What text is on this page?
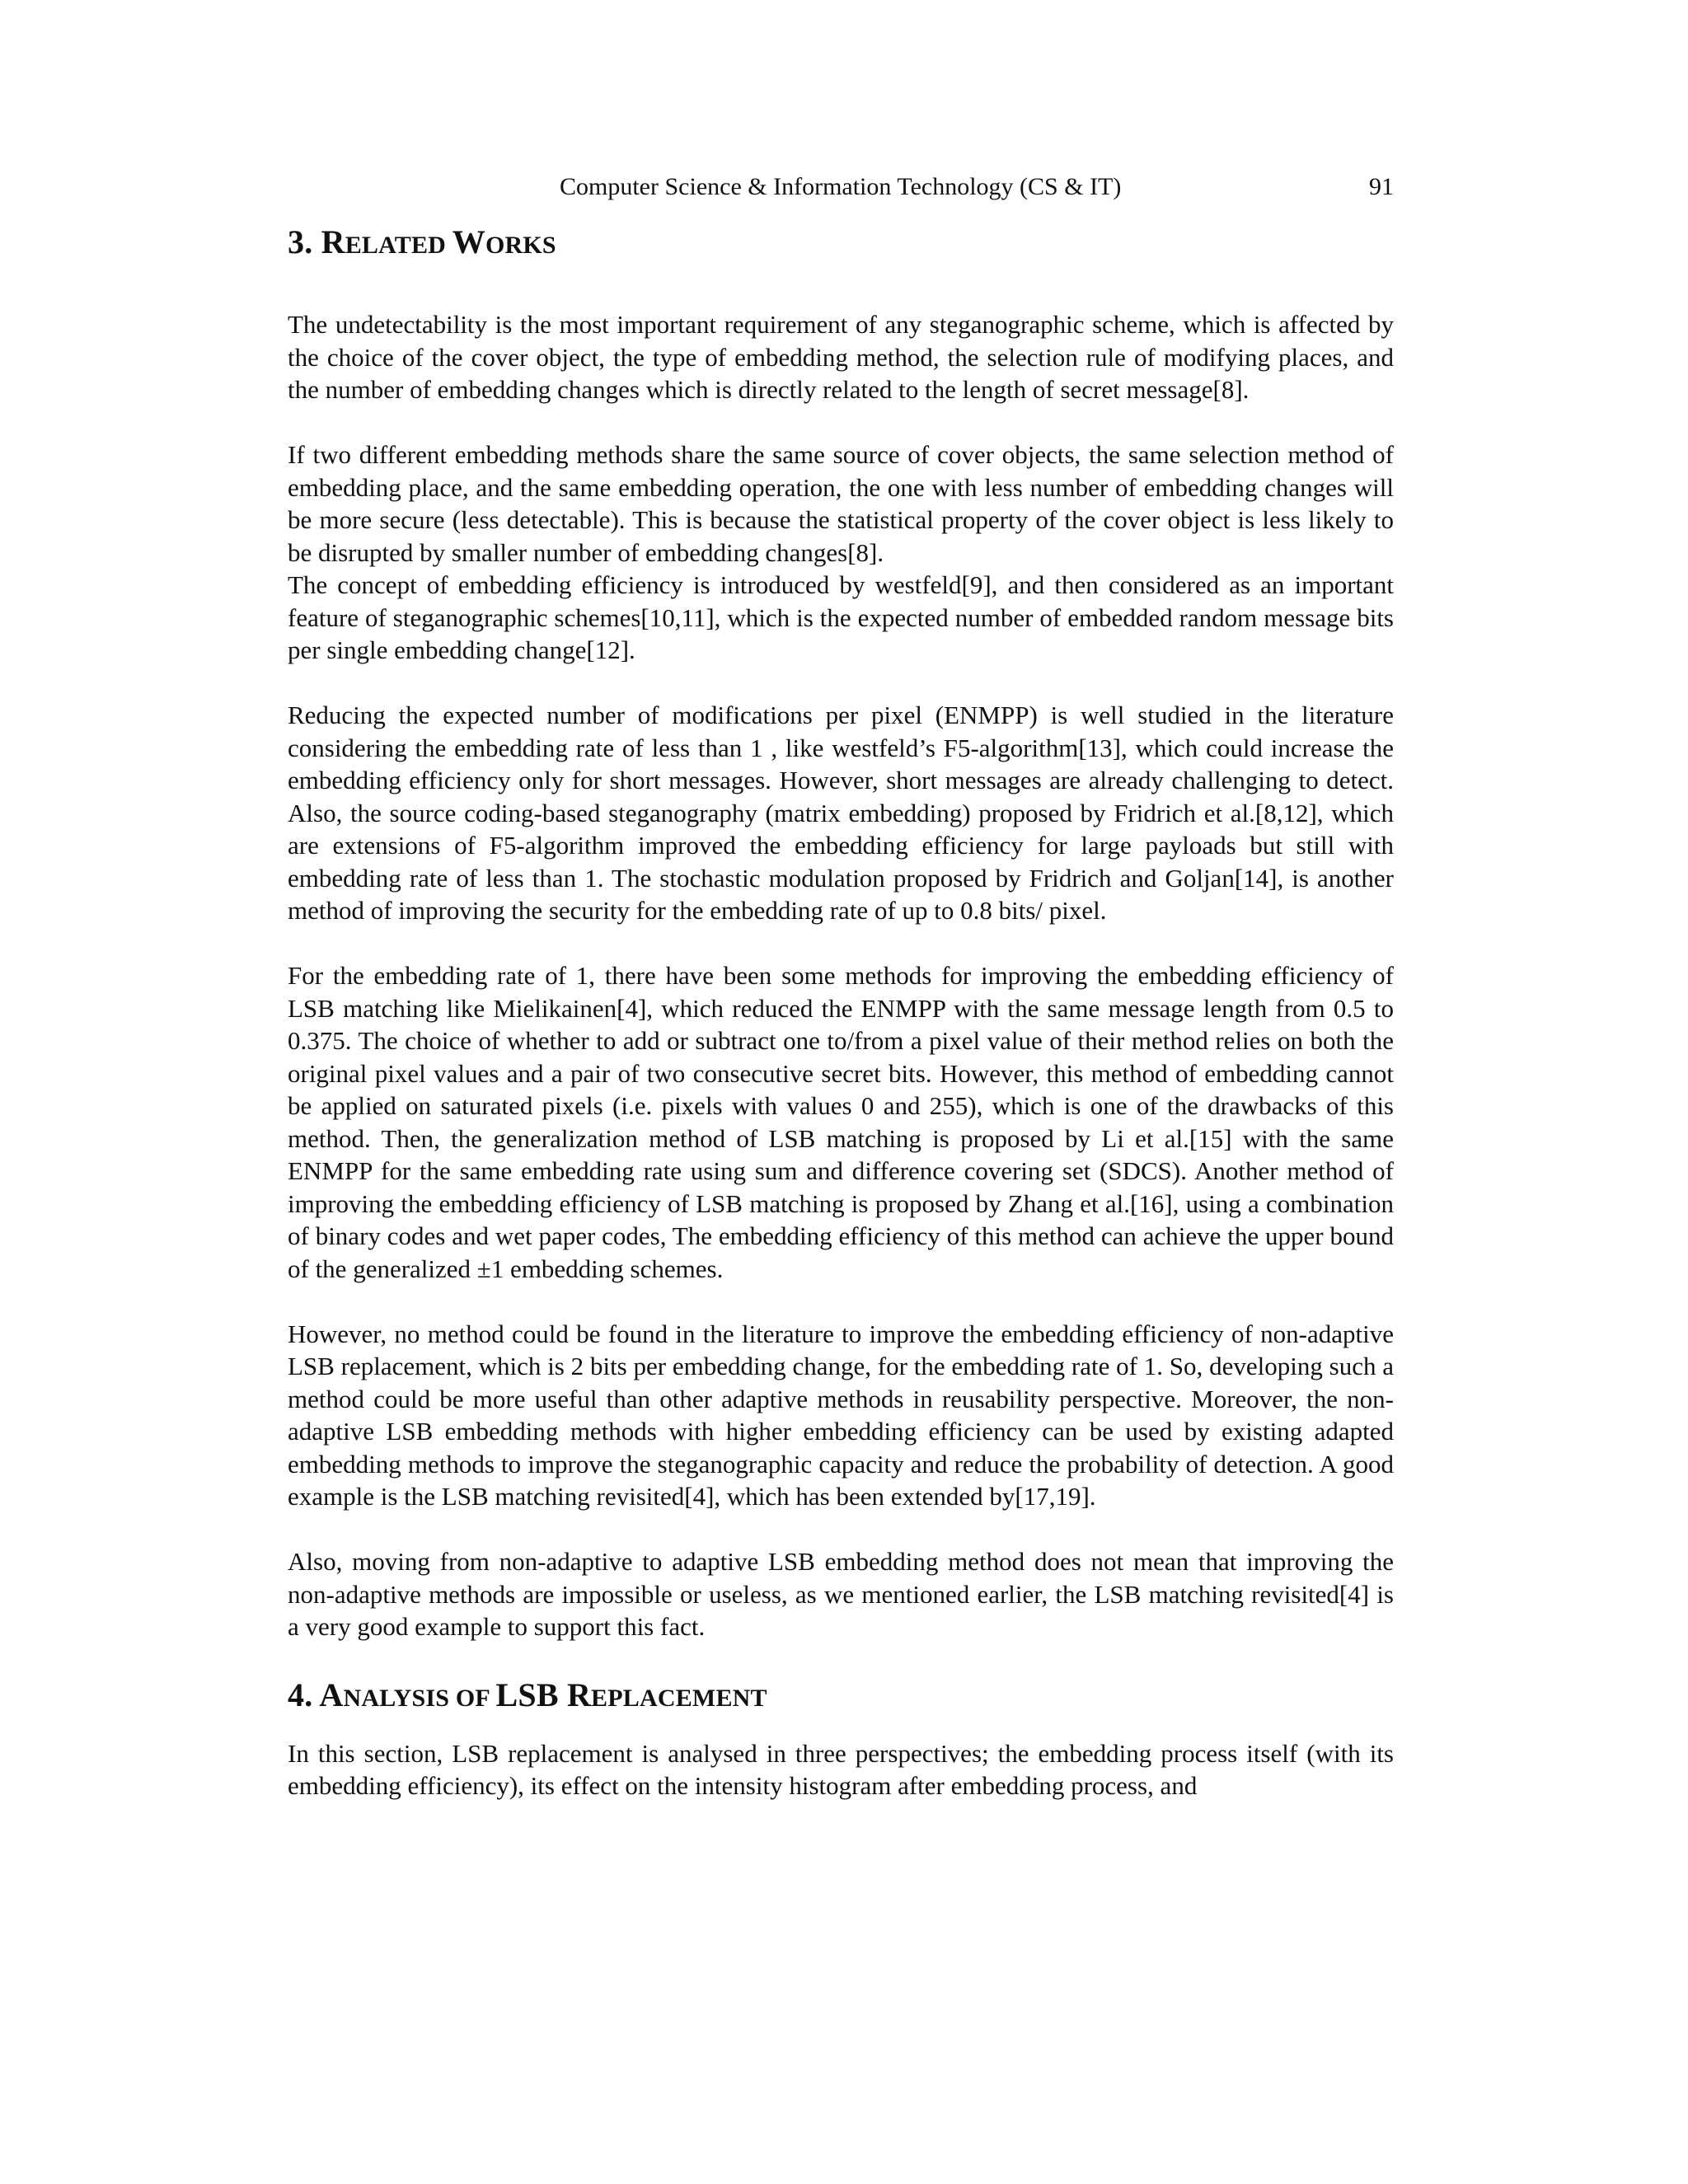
Computer Science & Information Technology (CS & IT)	91
3. RELATED WORKS

The undetectability is the most important requirement of any steganographic scheme, which is affected by the choice of the cover object, the type of embedding method, the selection rule of modifying places, and the number of embedding changes which is directly related to the length of secret message[8].

If two different embedding methods share the same source of cover objects, the same selection method of embedding place, and the same embedding operation, the one with less number of embedding changes will be more secure (less detectable). This is because the statistical property of the cover object is less likely to be disrupted by smaller number of embedding changes[8].

The concept of embedding efficiency is introduced by westfeld[9], and then considered as an important feature of steganographic schemes[10,11], which is the expected number of embedded random message bits per single embedding change[12].

Reducing the expected number of modifications per pixel (ENMPP) is well studied in the literature considering the embedding rate of less than 1 , like westfeld’s F5-algorithm[13], which could increase the embedding efficiency only for short messages. However, short messages are already challenging to detect. Also, the source coding-based steganography (matrix embedding) proposed by Fridrich et al.[8,12], which are extensions of F5-algorithm improved the embedding efficiency for large payloads but still with embedding rate of less than 1. The stochastic modulation proposed by Fridrich and Goljan[14], is another method of improving the security for the embedding rate of up to 0.8 bits/ pixel.

For the embedding rate of 1, there have been some methods for improving the embedding efficiency of LSB matching like Mielikainen[4], which reduced the ENMPP with the same message length from 0.5 to 0.375. The choice of whether to add or subtract one to/from a pixel value of their method relies on both the original pixel values and a pair of two consecutive secret bits. However, this method of embedding cannot be applied on saturated pixels (i.e. pixels with values 0 and 255), which is one of the drawbacks of this method. Then, the generalization method of LSB matching is proposed by Li et al.[15] with the same ENMPP for the same embedding rate using sum and difference covering set (SDCS). Another method of improving the embedding efficiency of LSB matching is proposed by Zhang et al.[16], using a combination of binary codes and wet paper codes, The embedding efficiency of this method can achieve the upper bound of the generalized ±1 embedding schemes.

However, no method could be found in the literature to improve the embedding efficiency of non-adaptive LSB replacement, which is 2 bits per embedding change, for the embedding rate of 1. So, developing such a method could be more useful than other adaptive methods in reusability perspective. Moreover, the non-adaptive LSB embedding methods with higher embedding efficiency can be used by existing adapted embedding methods to improve the steganographic capacity and reduce the probability of detection. A good example is the LSB matching revisited[4], which has been extended by[17,19].

Also, moving from non-adaptive to adaptive LSB embedding method does not mean that improving the non-adaptive methods are impossible or useless, as we mentioned earlier, the LSB matching revisited[4] is a very good example to support this fact.

4. ANALYSIS OF LSB REPLACEMENT

In this section, LSB replacement is analysed in three perspectives; the embedding process itself (with its embedding efficiency), its effect on the intensity histogram after embedding process, and
